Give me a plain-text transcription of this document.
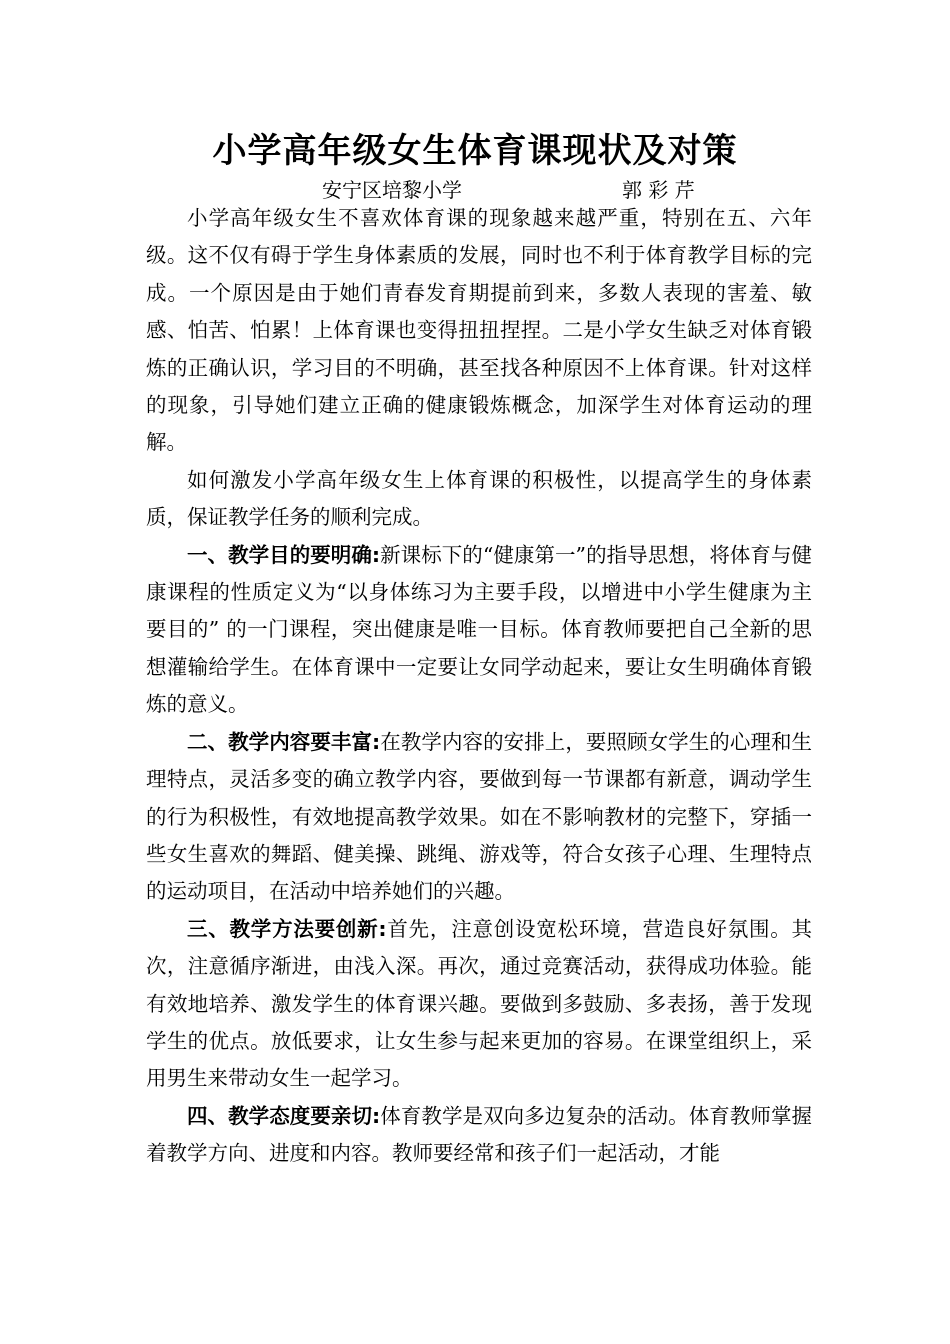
小学高年级女生体育课现状及对策
安宁区培黎小学	郭 彩 芹

小学高年级女生不喜欢体育课的现象越来越严重，特别在五、六年级。这不仅有碍于学生身体素质的发展，同时也不利于体育教学目标的完成。一个原因是由于她们青春发育期提前到来，多数人表现的害羞、敏感、怕苦、怕累！上体育课也变得扭扭捏捏。二是小学女生缺乏对体育锻炼的正确认识，学习目的不明确，甚至找各种原因不上体育课。针对这样的现象，引导她们建立正确的健康锻炼概念，加深学生对体育运动的理解。

如何激发小学高年级女生上体育课的积极性，以提高学生的身体素质，保证教学任务的顺利完成。

一、教学目的要明确:新课标下的“健康第一”的指导思想，将体育与健康课程的性质定义为“以身体练习为主要手段，以增进中小学生健康为主要目的” 的一门课程，突出健康是唯一目标。体育教师要把自己全新的思想灌输给学生。在体育课中一定要让女同学动起来，要让女生明确体育锻炼的意义。

二、教学内容要丰富:在教学内容的安排上，要照顾女学生的心理和生理特点，灵活多变的确立教学内容，要做到每一节课都有新意，调动学生的行为积极性，有效地提高教学效果。如在不影响教材的完整下，穿插一些女生喜欢的舞蹈、健美操、跳绳、游戏等，符合女孩子心理、生理特点的运动项目，在活动中培养她们的兴趣。

三、教学方法要创新:首先，注意创设宽松环境，营造良好氛围。其次，注意循序渐进，由浅入深。再次，通过竞赛活动，获得成功体验。能有效地培养、激发学生的体育课兴趣。要做到多鼓励、多表扬，善于发现学生的优点。放低要求，让女生参与起来更加的容易。在课堂组织上，采用男生来带动女生一起学习。

四、教学态度要亲切:体育教学是双向多边复杂的活动。体育教师掌握着教学方向、进度和内容。教师要经常和孩子们一起活动，才能
